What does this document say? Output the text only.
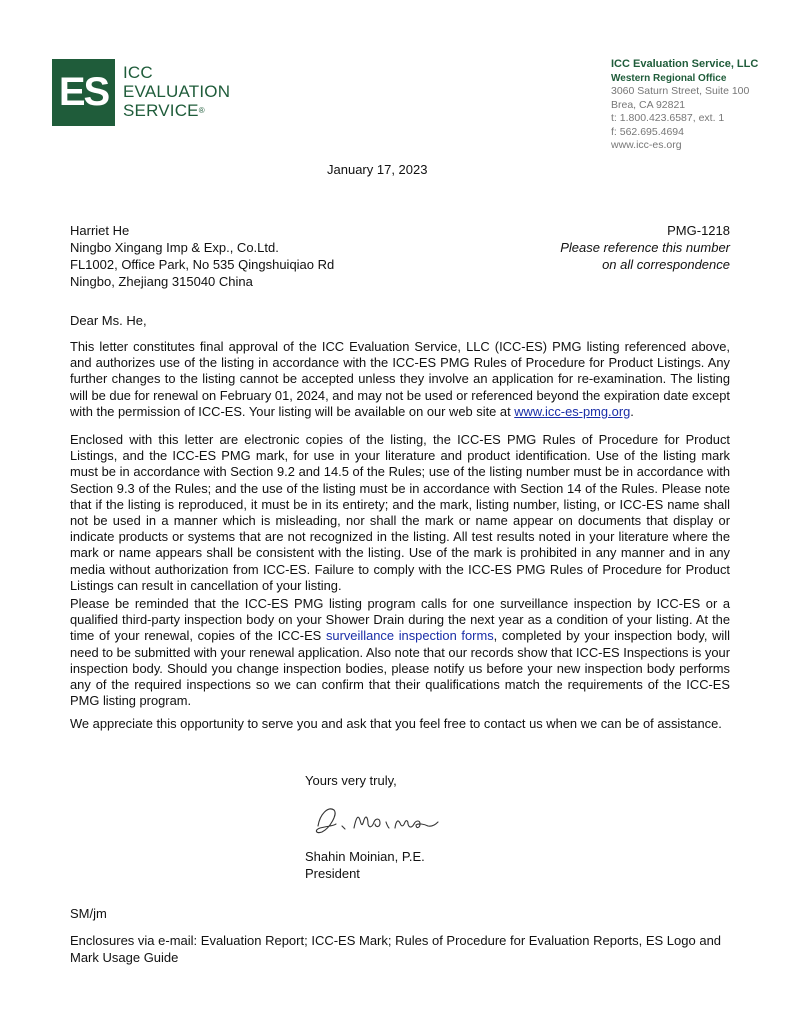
ES ICC
EVALUATION
SERVICE®
ICC Evaluation Service, LLC
Western Regional Office
3060 Saturn Street, Suite 100
Brea, CA 92821
t: 1.800.423.6587, ext. 1
f: 562.695.4694
www.icc-es.org
January 17, 2023
Harriet He
Ningbo Xingang Imp & Exp., Co.Ltd.
FL1002, Office Park, No 535 Qingshuiqiao Rd
Ningbo, Zhejiang 315040 China
PMG-1218
Please reference this number
on all correspondence
Dear Ms. He,
This letter constitutes final approval of the ICC Evaluation Service, LLC (ICC-ES) PMG listing referenced above, and authorizes use of the listing in accordance with the ICC-ES PMG Rules of Procedure for Product Listings. Any further changes to the listing cannot be accepted unless they involve an application for re-examination. The listing will be due for renewal on February 01, 2024, and may not be used or referenced beyond the expiration date except with the permission of ICC-ES. Your listing will be available on our web site at www.icc-es-pmg.org.
Enclosed with this letter are electronic copies of the listing, the ICC-ES PMG Rules of Procedure for Product Listings, and the ICC-ES PMG mark, for use in your literature and product identification. Use of the listing mark must be in accordance with Section 9.2 and 14.5 of the Rules; use of the listing number must be in accordance with Section 9.3 of the Rules; and the use of the listing must be in accordance with Section 14 of the Rules. Please note that if the listing is reproduced, it must be in its entirety; and the mark, listing number, listing, or ICC-ES name shall not be used in a manner which is misleading, nor shall the mark or name appear on documents that display or indicate products or systems that are not recognized in the listing. All test results noted in your literature where the mark or name appears shall be consistent with the listing. Use of the mark is prohibited in any manner and in any media without authorization from ICC-ES. Failure to comply with the ICC-ES PMG Rules of Procedure for Product Listings can result in cancellation of your listing.
Please be reminded that the ICC-ES PMG listing program calls for one surveillance inspection by ICC-ES or a qualified third-party inspection body on your Shower Drain during the next year as a condition of your listing. At the time of your renewal, copies of the ICC-ES surveillance inspection forms, completed by your inspection body, will need to be submitted with your renewal application. Also note that our records show that ICC-ES Inspections is your inspection body. Should you change inspection bodies, please notify us before your new inspection body performs any of the required inspections so we can confirm that their qualifications match the requirements of the ICC-ES PMG listing program.
We appreciate this opportunity to serve you and ask that you feel free to contact us when we can be of assistance.
Yours very truly,
Shahin Moinian, P.E.
President
SM/jm
Enclosures via e-mail: Evaluation Report; ICC-ES Mark; Rules of Procedure for Evaluation Reports, ES Logo and Mark Usage Guide
